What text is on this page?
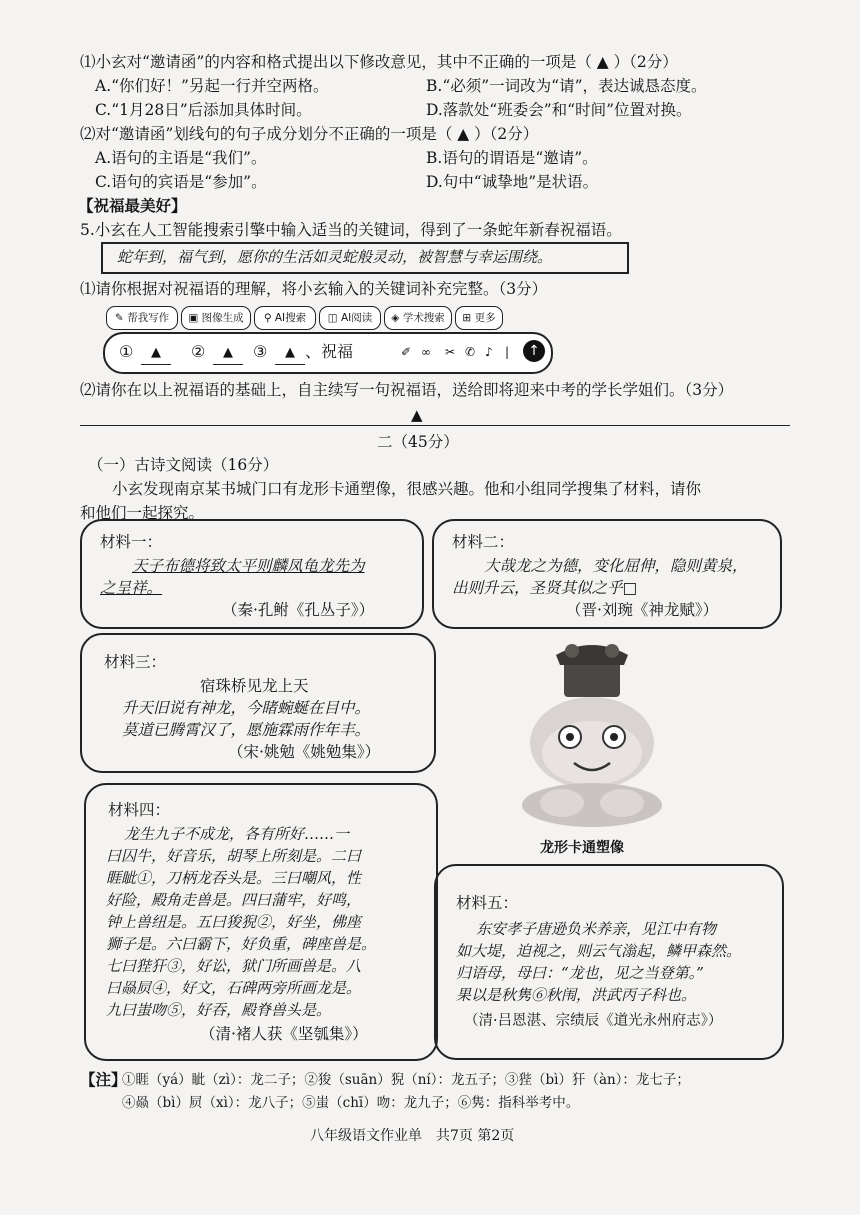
⑴小玄对“邀请函”的内容和格式提出以下修改意见，其中不正确的一项是（ ▲ ）（2分）
A.“你们好！”另起一行并空两格。	B.“必须”一词改为“请”，表达诚恳态度。
C.“1月28日”后添加具体时间。	D.落款处“班委会”和“时间”位置对换。
⑵对“邀请函”划线句的句子成分划分不正确的一项是（ ▲ ）（2分）
A.语句的主语是“我们”。	B.语句的谓语是“邀请”。
C.语句的宾语是“参加”。	D.句中“诚挚地”是状语。
【祝福最美好】
5.小玄在人工智能搜索引擎中输入适当的关键词，得到了一条蛇年新春祝福语。
蛇年到，福气到，愿你的生活如灵蛇般灵动，被智慧与幸运围绕。
⑴请你根据对祝福语的理解，将小玄输入的关键词补充完整。（3分）
✎ 帮我写作	▣ 图像生成	⚲ AI搜索	◫ AI阅读	◈ 学术搜索	⊞ 更多
①	▲	②	▲	③	▲ 、祝福	✐ ∞ ✂ ✆ ♪ |	↑
⑵请你在以上祝福语的基础上，自主续写一句祝福语，送给即将迎来中考的学长学姐们。（3分）
▲
二（45分）
（一）古诗文阅读（16分）
小玄发现南京某书城门口有龙形卡通塑像，很感兴趣。他和小组同学搜集了材料，请你
和他们一起探究。
材料一：
天子布德将致太平则麟凤龟龙先为
之呈祥。
（秦·孔鲋《孔丛子》）
材料二：
大哉龙之为德，变化屈伸，隐则黄泉，
出则升云，圣贤其似之乎□
（晋·刘琬《神龙赋》）
材料三：
宿珠桥见龙上天
升天旧说有神龙，今睹蜿蜒在目中。
莫道已腾霄汉了，愿施霖雨作年丰。
（宋·姚勉《姚勉集》）
龙形卡通塑像
材料四：
龙生九子不成龙，各有所好……一
曰囚牛，好音乐，胡琴上所刻是。二曰
睚眦①，刀柄龙吞头是。三曰嘲风，性
好险，殿角走兽是。四曰蒲牢，好鸣，
钟上兽纽是。五曰狻猊②，好坐，佛座
狮子是。六曰霸下，好负重，碑座兽是。
七曰狴犴③，好讼，狱门所画兽是。八
曰赑屃④，好文，石碑两旁所画龙是。
九曰蚩吻⑤，好吞，殿脊兽头是。
（清·褚人获《坚瓠集》）
材料五：
东安孝子唐逊负米养亲，见江中有物
如大堤，迫视之，则云气滃起，鳞甲森然。
归语母，母曰：“龙也，见之当登第。”
果以是秋隽⑥秋闱，洪武丙子科也。
（清·吕恩湛、宗绩辰《道光永州府志》）
【注】
①睚（yá）眦（zì）：龙二子；②狻（suān）猊（ní）：龙五子；③狴（bì）犴（àn）：龙七子；
④赑（bì）屃（xì）：龙八子；⑤蚩（chī）吻：龙九子；⑥隽：指科举考中。
八年级语文作业单　共7页 第2页
